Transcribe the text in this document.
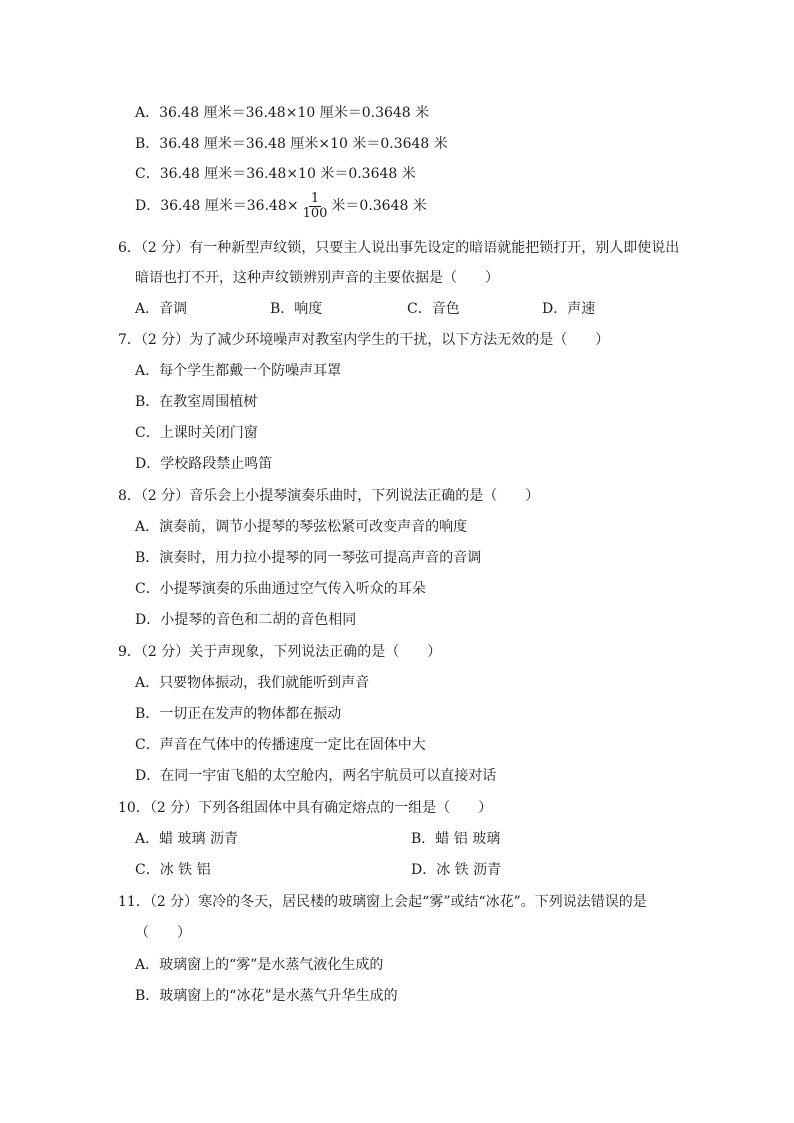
A．36.48 厘米＝36.48×10 厘米＝0.3648 米
B．36.48 厘米＝36.48 厘米×10 米＝0.3648 米
C．36.48 厘米＝36.48×10 米＝0.3648 米
D．36.48 厘米$=36.48\times \frac{1}{100}$ 米＝0.3648 米
6．（2 分）有一种新型声纹锁，只要主人说出事先设定的暗语就能把锁打开，别人即使说出
暗语也打不开，这种声纹锁辨别声音的主要依据是（　　）
A．音调	B．响度	C．音色	D．声速
7．（2 分）为了减少环境噪声对教室内学生的干扰，以下方法无效的是（　　）
A．每个学生都戴一个防噪声耳罩
B．在教室周围植树
C．上课时关闭门窗
D．学校路段禁止鸣笛
8．（2 分）音乐会上小提琴演奏乐曲时，下列说法正确的是（　　）
A．演奏前，调节小提琴的琴弦松紧可改变声音的响度
B．演奏时，用力拉小提琴的同一琴弦可提高声音的音调
C．小提琴演奏的乐曲通过空气传入听众的耳朵
D．小提琴的音色和二胡的音色相同
9．（2 分）关于声现象，下列说法正确的是（　　）
A．只要物体振动，我们就能听到声音
B．一切正在发声的物体都在振动
C．声音在气体中的传播速度一定比在固体中大
D．在同一宇宙飞船的太空舱内，两名宇航员可以直接对话
10．（2 分）下列各组固体中具有确定熔点的一组是（　　）
A．蜡 玻璃 沥青	B．蜡 铝 玻璃
C．冰 铁 铝	D．冰 铁 沥青
11．（2 分）寒冷的冬天，居民楼的玻璃窗上会起“雾”或结“冰花”。下列说法错误的是
（　　）
A．玻璃窗上的“雾”是水蒸气液化生成的
B．玻璃窗上的“冰花”是水蒸气升华生成的
